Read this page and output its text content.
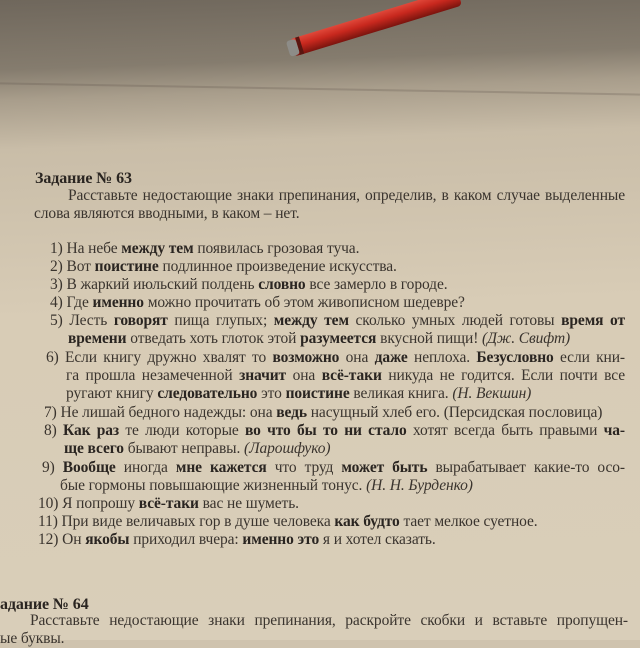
Задание № 63
Расставьте недостающие знаки препинания, определив, в каком случае выделенные
слова являются вводными, в каком – нет.
1) На небе между тем появилась грозовая туча.
2) Вот поистине подлинное произведение искусства.
3) В жаркий июльский полдень словно все замерло в городе.
4) Где именно можно прочитать об этом живописном шедевре?
5) Лесть говорят пища глупых; между тем сколько умных людей готовы время от
времени отведать хоть глоток этой разумеется вкусной пищи! (Дж. Свифт)
6) Если книгу дружно хвалят то возможно она даже неплоха. Безусловно если кни-
га прошла незамеченной значит она всё-таки никуда не годится. Если почти все
ругают книгу следовательно это поистине великая книга. (Н. Векшин)
7) Не лишай бедного надежды: она ведь насущный хлеб его. (Персидская пословица)
8) Как раз те люди которые во что бы то ни стало хотят всегда быть правыми ча-
ще всего бывают неправы. (Ларошфуко)
9) Вообще иногда мне кажется что труд может быть вырабатывает какие-то осо-
бые гормоны повышающие жизненный тонус. (Н. Н. Бурденко)
10) Я попрошу всё-таки вас не шуметь.
11) При виде величавых гор в душе человека как будто тает мелкое суетное.
12) Он якобы приходил вчера: именно это я и хотел сказать.
адание № 64
Расставьте недостающие знаки препинания, раскройте скобки и вставьте пропущен-
ые буквы.
